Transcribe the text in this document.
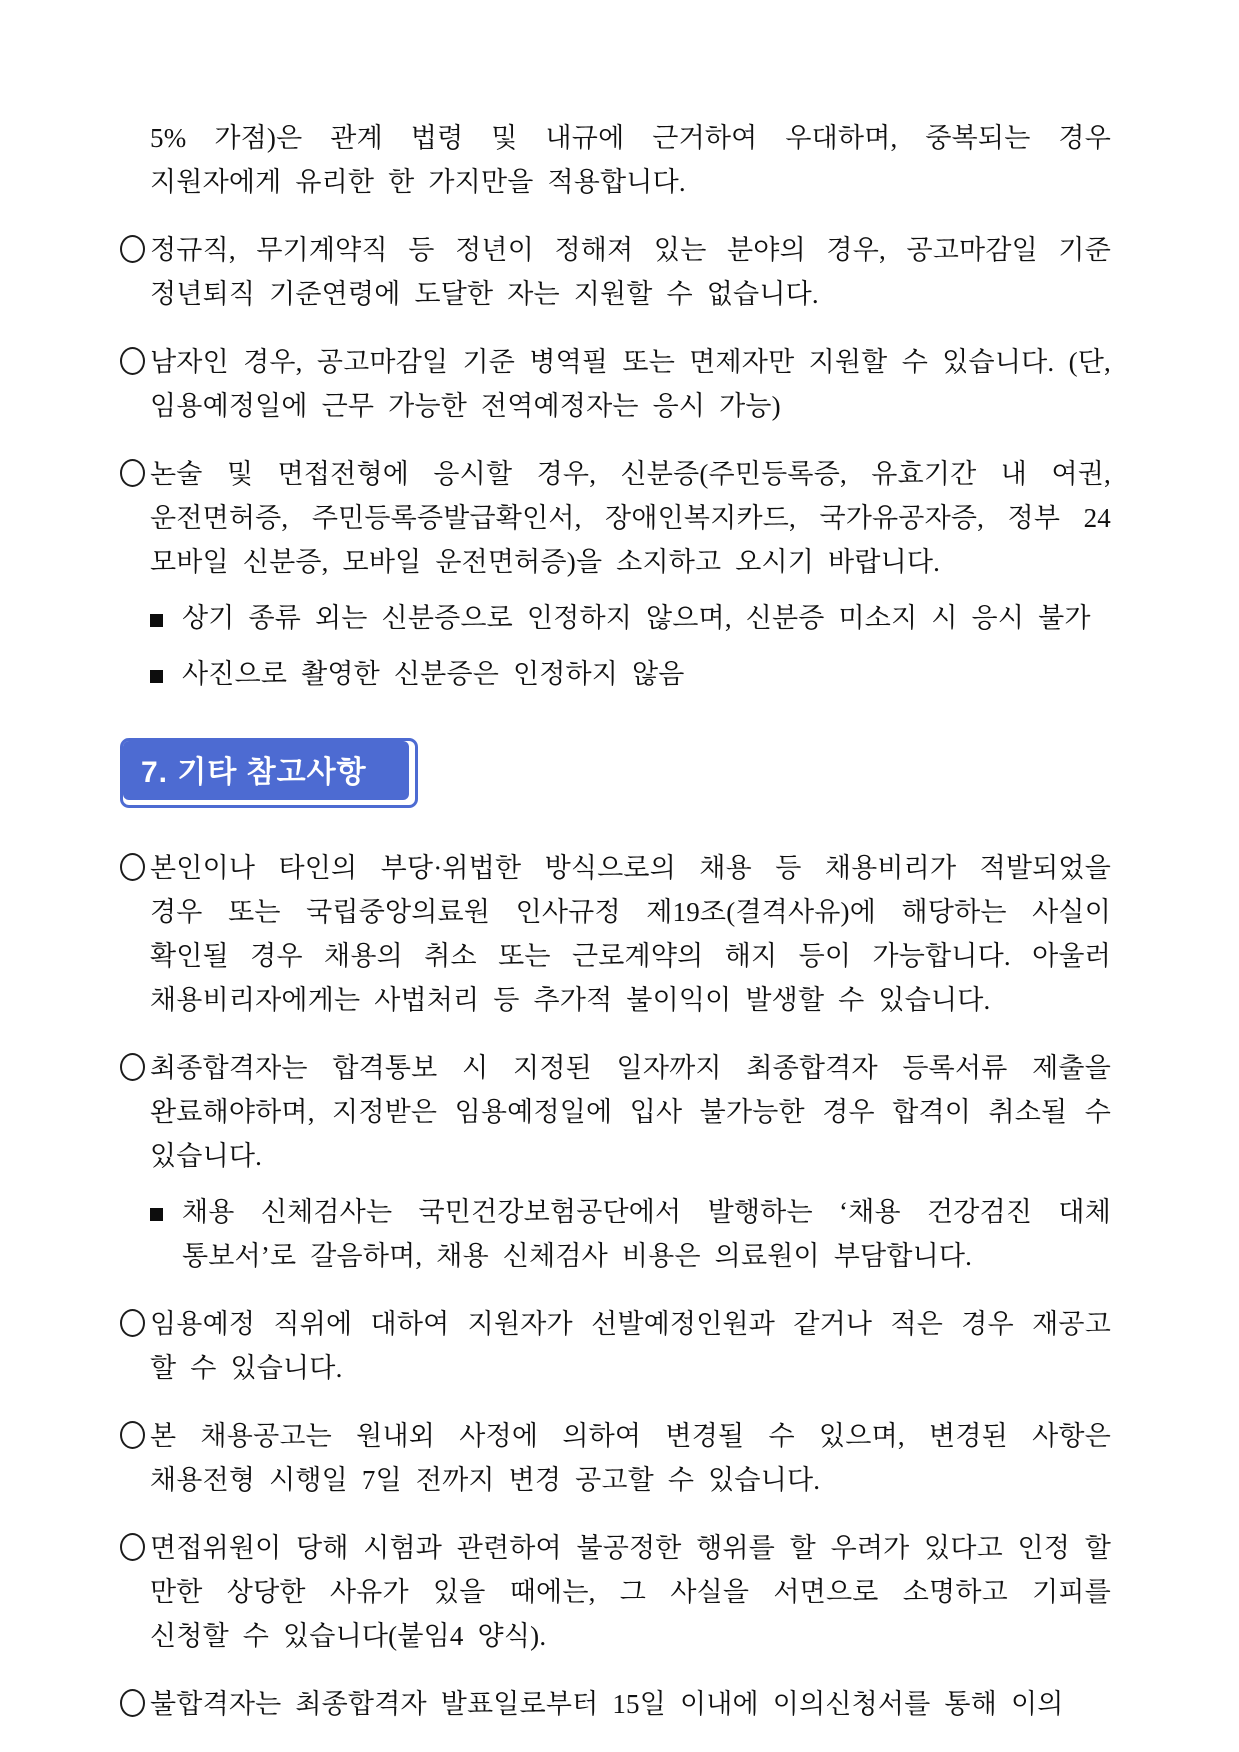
5% 가점)은 관계 법령 및 내규에 근거하여 우대하며, 중복되는 경우 지원자에게 유리한 한 가지만을 적용합니다.
정규직, 무기계약직 등 정년이 정해져 있는 분야의 경우, 공고마감일 기준 정년퇴직 기준연령에 도달한 자는 지원할 수 없습니다.
남자인 경우, 공고마감일 기준 병역필 또는 면제자만 지원할 수 있습니다. (단, 임용예정일에 근무 가능한 전역예정자는 응시 가능)
논술 및 면접전형에 응시할 경우, 신분증(주민등록증, 유효기간 내 여권, 운전면허증, 주민등록증발급확인서, 장애인복지카드, 국가유공자증, 정부 24 모바일 신분증, 모바일 운전면허증)을 소지하고 오시기 바랍니다.
상기 종류 외는 신분증으로 인정하지 않으며, 신분증 미소지 시 응시 불가
사진으로 촬영한 신분증은 인정하지 않음
7. 기타 참고사항
본인이나 타인의 부당·위법한 방식으로의 채용 등 채용비리가 적발되었을 경우 또는 국립중앙의료원 인사규정 제19조(결격사유)에 해당하는 사실이 확인될 경우 채용의 취소 또는 근로계약의 해지 등이 가능합니다. 아울러 채용비리자에게는 사법처리 등 추가적 불이익이 발생할 수 있습니다.
최종합격자는 합격통보 시 지정된 일자까지 최종합격자 등록서류 제출을 완료해야하며, 지정받은 임용예정일에 입사 불가능한 경우 합격이 취소될 수 있습니다.
채용 신체검사는 국민건강보험공단에서 발행하는 ‘채용 건강검진 대체 통보서’로 갈음하며, 채용 신체검사 비용은 의료원이 부담합니다.
임용예정 직위에 대하여 지원자가 선발예정인원과 같거나 적은 경우 재공고 할 수 있습니다.
본 채용공고는 원내외 사정에 의하여 변경될 수 있으며, 변경된 사항은 채용전형 시행일 7일 전까지 변경 공고할 수 있습니다.
면접위원이 당해 시험과 관련하여 불공정한 행위를 할 우려가 있다고 인정 할 만한 상당한 사유가 있을 때에는, 그 사실을 서면으로 소명하고 기피를 신청할 수 있습니다(붙임4 양식).
불합격자는 최종합격자 발표일로부터 15일 이내에 이의신청서를 통해 이의
